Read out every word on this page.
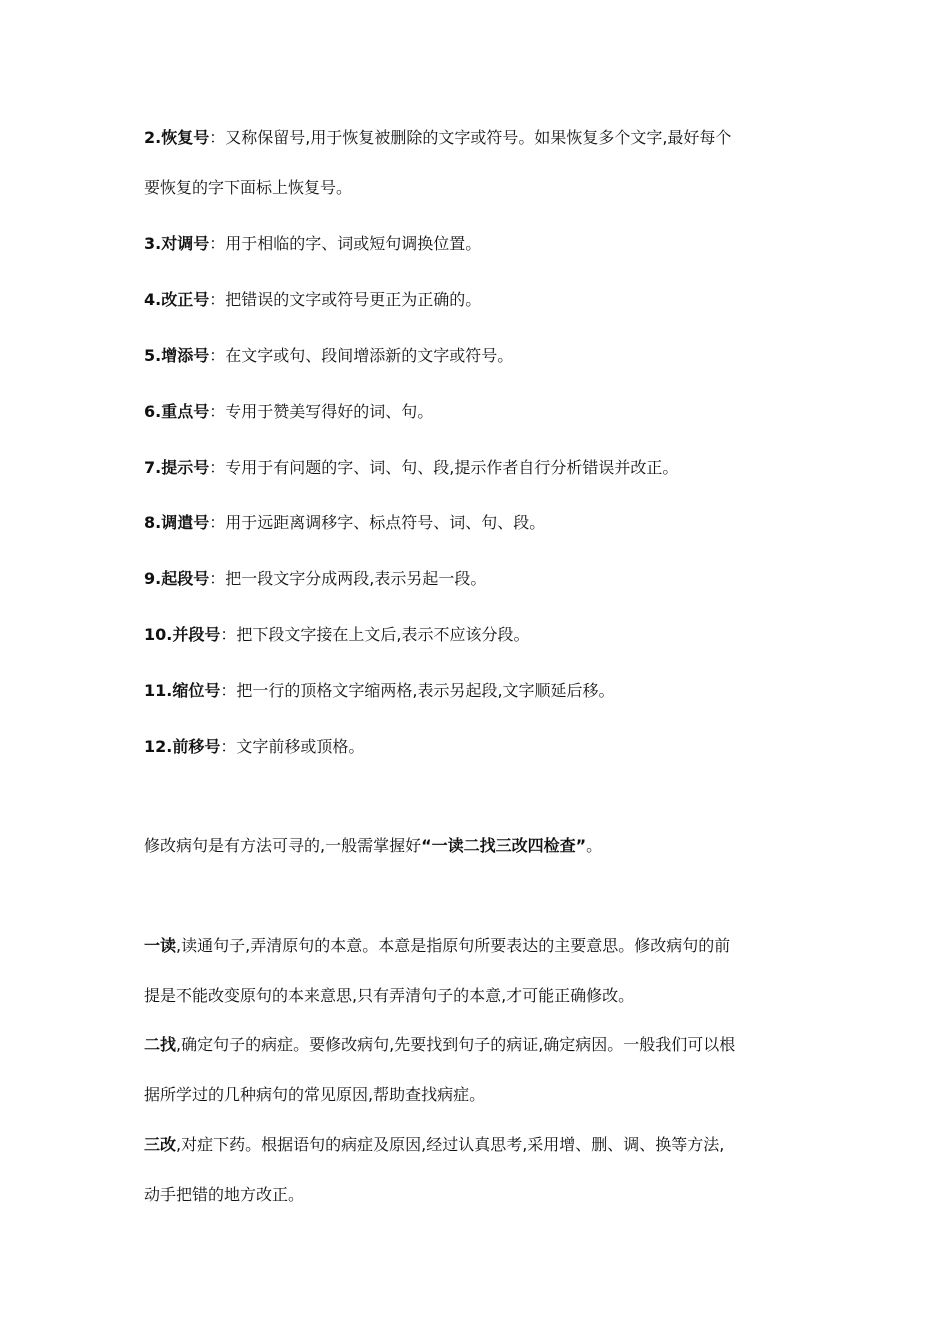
2.恢复号：又称保留号,用于恢复被删除的文字或符号。如果恢复多个文字,最好每个
要恢复的字下面标上恢复号。
3.对调号：用于相临的字、词或短句调换位置。
4.改正号：把错误的文字或符号更正为正确的。
5.增添号：在文字或句、段间增添新的文字或符号。
6.重点号：专用于赞美写得好的词、句。
7.提示号：专用于有问题的字、词、句、段,提示作者自行分析错误并改正。
8.调遣号：用于远距离调移字、标点符号、词、句、段。
9.起段号：把一段文字分成两段,表示另起一段。
10.并段号：把下段文字接在上文后,表示不应该分段。
11.缩位号：把一行的顶格文字缩两格,表示另起段,文字顺延后移。
12.前移号：文字前移或顶格。
修改病句是有方法可寻的,一般需掌握好“一读二找三改四检查”。
一读,读通句子,弄清原句的本意。本意是指原句所要表达的主要意思。修改病句的前
提是不能改变原句的本来意思,只有弄清句子的本意,才可能正确修改。
二找,确定句子的病症。要修改病句,先要找到句子的病证,确定病因。一般我们可以根
据所学过的几种病句的常见原因,帮助查找病症。
三改,对症下药。根据语句的病症及原因,经过认真思考,采用增、删、调、换等方法,
动手把错的地方改正。
